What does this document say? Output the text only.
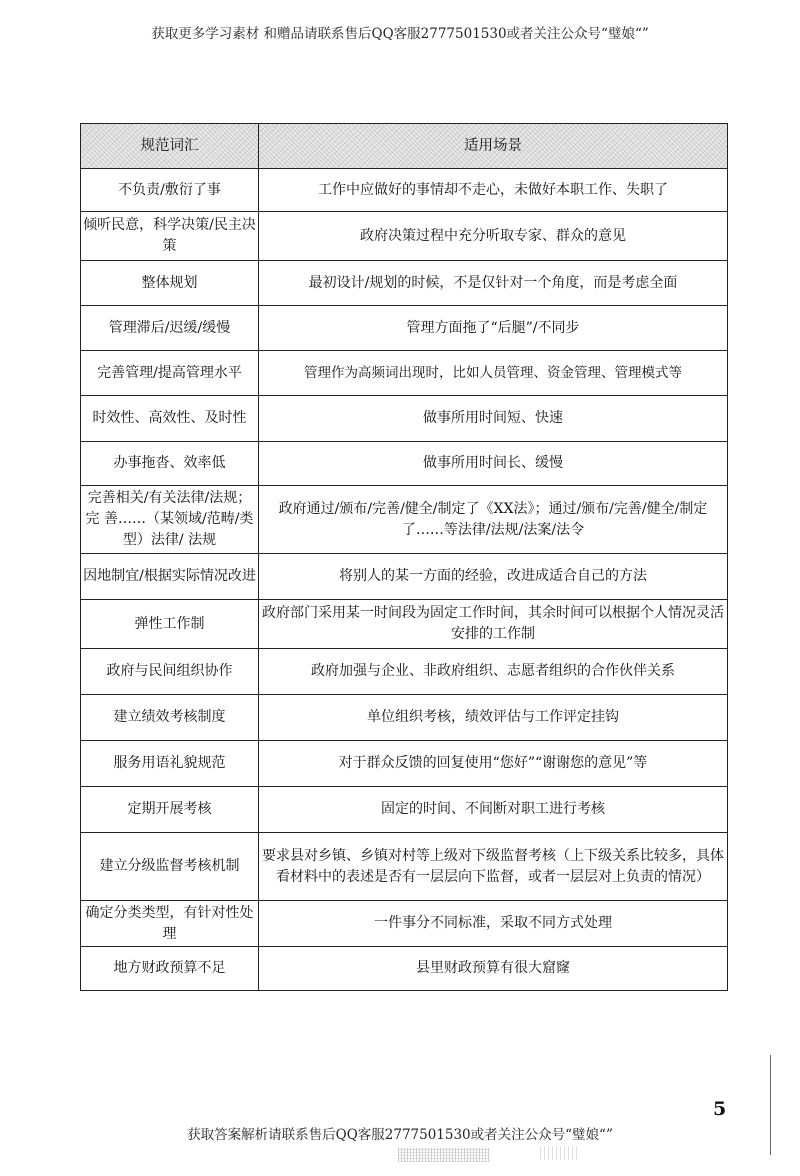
获取更多学习素材 和赠品请联系售后QQ客服2777501530或者关注公众号“璧娘“”
规范词汇	适用场景
不负责/敷衍了事	工作中应做好的事情却不走心，未做好本职工作、失职了
倾听民意，科学决策/民主决策	政府决策过程中充分听取专家、群众的意见
整体规划	最初设计/规划的时候，不是仅针对一个角度，而是考虑全面
管理滞后/迟缓/缓慢	管理方面拖了“后腿”/不同步
完善管理/提高管理水平	管理作为高频词出现时，比如人员管理、资金管理、管理模式等
时效性、高效性、及时性	做事所用时间短、快速
办事拖沓、效率低	做事所用时间长、缓慢
完善相关/有关法律/法规；完 善……（某领域/范畴/类型）法律/ 法规	政府通过/颁布/完善/健全/制定了《XX法》；通过/颁布/完善/健全/制定了……等法律/法规/法案/法令
因地制宜/根据实际情况改进	将别人的某一方面的经验，改进成适合自己的方法
弹性工作制	政府部门采用某一时间段为固定工作时间，其余时间可以根据个人情况灵活安排的工作制
政府与民间组织协作	政府加强与企业、非政府组织、志愿者组织的合作伙伴关系
建立绩效考核制度	单位组织考核，绩效评估与工作评定挂钩
服务用语礼貌规范	对于群众反馈的回复使用“您好”“谢谢您的意见”等
定期开展考核	固定的时间、不间断对职工进行考核
建立分级监督考核机制	要求县对乡镇、乡镇对村等上级对下级监督考核（上下级关系比较多，具体看材料中的表述是否有一层层向下监督，或者一层层对上负责的情况）
确定分类类型，有针对性处理	一件事分不同标准，采取不同方式处理
地方财政预算不足	县里财政预算有很大窟窿
5
获取答案解析请联系售后QQ客服2777501530或者关注公众号“璧娘“”
